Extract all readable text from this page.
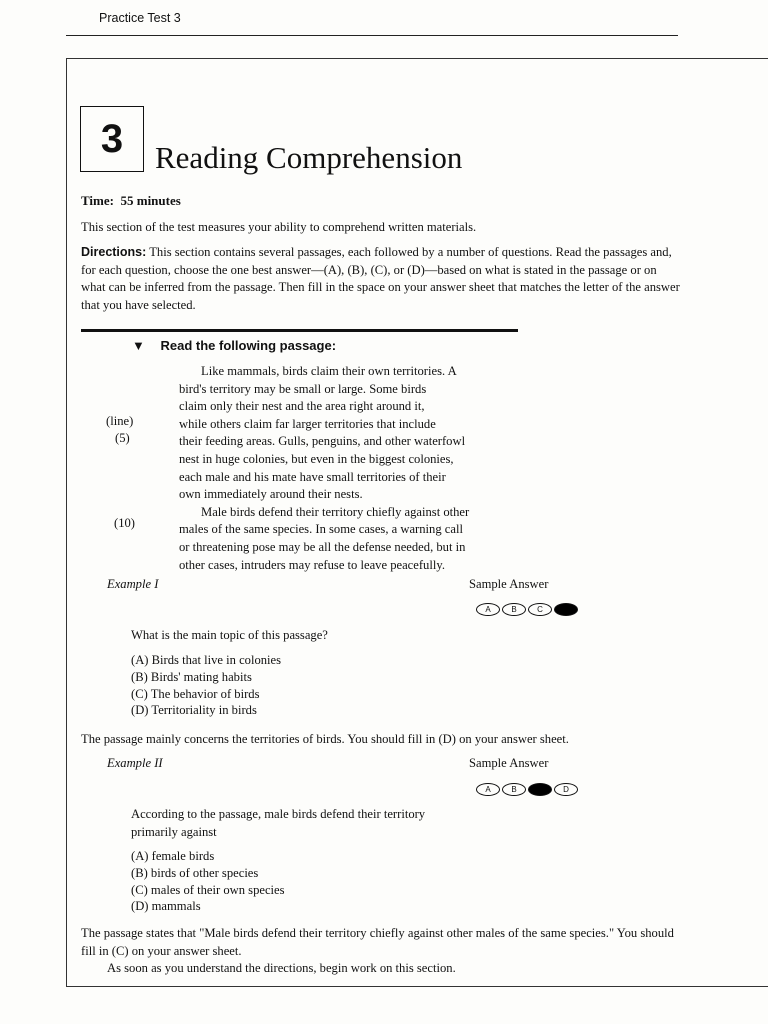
Practice Test 3
3	Reading Comprehension
Time: 55 minutes
This section of the test measures your ability to comprehend written materials.
Directions: This section contains several passages, each followed by a number of questions. Read the passages and, for each question, choose the one best answer—(A), (B), (C), or (D)—based on what is stated in the passage or on what can be inferred from the passage. Then fill in the space on your answer sheet that matches the letter of the answer that you have selected.
▼ Read the following passage:
(line)
(5)
(10)

Like mammals, birds claim their own territories. A
bird's territory may be small or large. Some birds
claim only their nest and the area right around it,
while others claim far larger territories that include
their feeding areas. Gulls, penguins, and other waterfowl
nest in huge colonies, but even in the biggest colonies,
each male and his mate have small territories of their
own immediately around their nests.

Male birds defend their territory chiefly against other
males of the same species. In some cases, a warning call
or threatening pose may be all the defense needed, but in
other cases, intruders may refuse to leave peacefully.

Example I	Sample Answer
A	B	C	D
What is the main topic of this passage?
(A) Birds that live in colonies
(B) Birds' mating habits
(C) The behavior of birds
(D) Territoriality in birds
The passage mainly concerns the territories of birds. You should fill in (D) on your answer sheet.
Example II	Sample Answer
A	B	C	D
According to the passage, male birds defend their territory primarily against
(A) female birds
(B) birds of other species
(C) males of their own species
(D) mammals
The passage states that "Male birds defend their territory chiefly against other males of the same species." You should fill in (C) on your answer sheet.
As soon as you understand the directions, begin work on this section.
